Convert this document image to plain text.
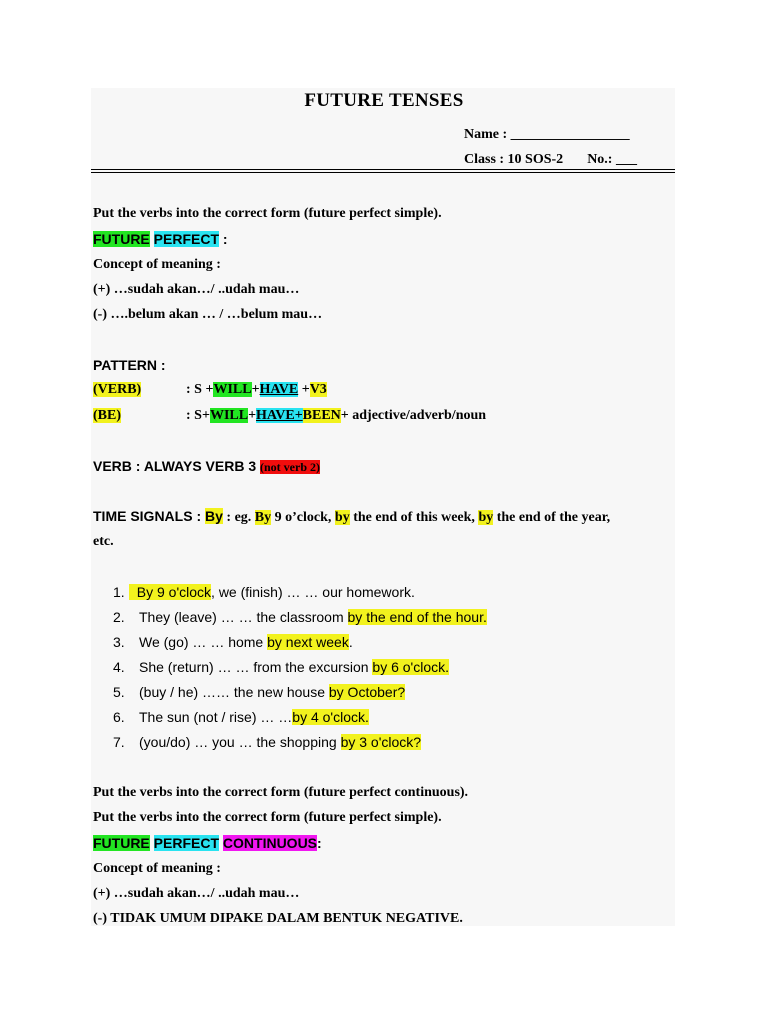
FUTURE TENSES
Name : _________________
Class : 10 SOS-2 No.: ___
Put the verbs into the correct form (future perfect simple).
FUTURE PERFECT :
Concept of meaning :
(+) …sudah akan…/ ..udah mau…
(-) ….belum akan … / …belum mau…
PATTERN :
(VERB)	: S +WILL+HAVE +V3
(BE)	: S+WILL+HAVE+BEEN+ adjective/adverb/noun
VERB : ALWAYS VERB 3 (not verb 2)
TIME SIGNALS : By : eg. By 9 o’clock, by the end of this week, by the end of the year,
etc.
1. By 9 o'clock, we (finish) … … our homework.
2. They (leave) … … the classroom by the end of the hour.
3. We (go) … … home by next week.
4. She (return) … … from the excursion by 6 o'clock.
5. (buy / he) …… the new house by October?
6. The sun (not / rise) … …by 4 o'clock.
7. (you/do) … you … the shopping by 3 o'clock?
Put the verbs into the correct form (future perfect continuous).
Put the verbs into the correct form (future perfect simple).
FUTURE PERFECT CONTINUOUS:
Concept of meaning :
(+) …sudah akan…/ ..udah mau…
(-) TIDAK UMUM DIPAKE DALAM BENTUK NEGATIVE.
